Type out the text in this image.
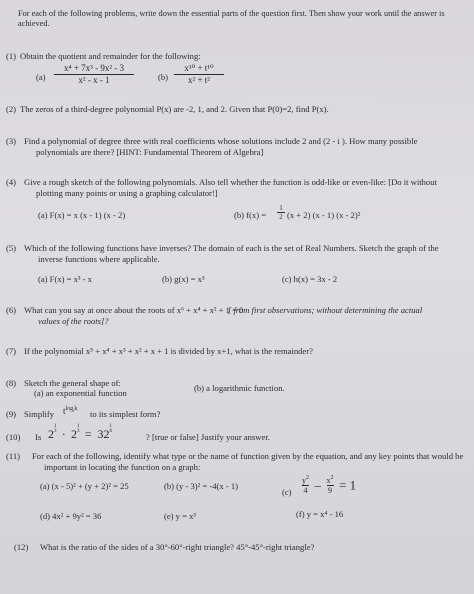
For each of the following problems, write down the essential parts of the question first. Then show your work until the answer is achieved.
(1) Obtain the quotient and remainder for the following:
(a)
x⁴ + 7x³ - 9x² - 3
x² - x - 1	(b)
x¹⁰ + t¹⁰
x² + t²
(2) The zeros of a third-degree polynomial P(x) are -2, 1, and 2. Given that P(0)=2, find P(x).
(3) Find a polynomial of degree three with real coefficients whose solutions include 2 and (2 - i ). How many possible
polynomials are there? [HINT: Fundamental Theorem of Algebra]
(4) Give a rough sketch of the following polynomials. Also tell whether the function is odd-like or even-like: [Do it without
plotting many points or using a graphing calculator!]
(a) F(x) = x (x - 1) (x - 2)	(b) f(x) =
1
2 (x + 2) (x - 1) (x - 2)²
(5) Which of the following functions have inverses? The domain of each is the set of Real Numbers. Sketch the graph of the
inverse functions where applicable.
(a) F(x) = x³ - x	(b) g(x) = x³	(c) h(x) = 3x - 2
(6) What can you say at once about the roots of x⁶ + x⁴ + x² + 1 = 0
[ from first observations; without determining the actual
values of the roots]?
(7) If the polynomial x⁵ + x⁴ + x³ + x² + x + 1 is divided by x+1, what is the remainder?
(8) Sketch the general shape of:
(a) an exponential function	(b) a logarithmic function.
(9) Simplify $t^{log_tk}$ to its simplest form?
(10) Is 21
3  ·  21
3  =  321
6
? [true or false] Justify your answer.
(11) For each of the following, identify what type or the name of function given by the equation, and any key points that would be
important in locating the function on a graph:
(a) (x - 5)² + (y + 2)² = 25	(b) (y - 3)² = -4(x - 1)
$(c) \frac{y^2}{4} - \frac{x^2}{9} = 1$
(d) 4x² + 9y² = 36	(e) y = x³	(f) y = x⁴ - 16
(12) What is the ratio of the sides of a 30°-60°-right triangle? 45°-45°-right triangle?
